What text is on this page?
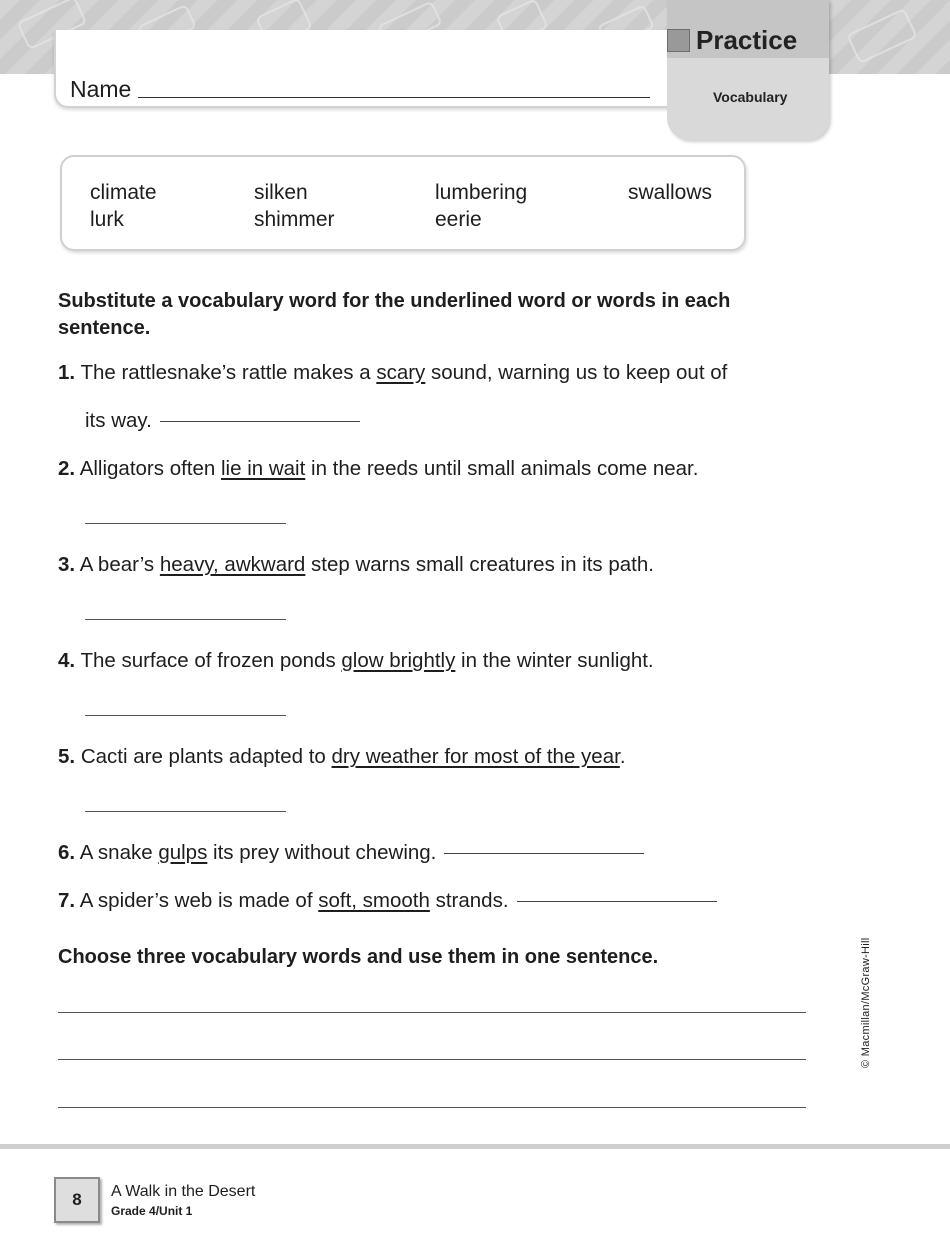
Name
Practice
Vocabulary
climate	silken	lumbering	swallows
lurk	shimmer	eerie

Substitute a vocabulary word for the underlined word or words in each sentence.

1. The rattlesnake’s rattle makes a scary sound, warning us to keep out of
its way.
2. Alligators often lie in wait in the reeds until small animals come near.
3. A bear’s heavy, awkward step warns small creatures in its path.
4. The surface of frozen ponds glow brightly in the winter sunlight.
5. Cacti are plants adapted to dry weather for most of the year.
6. A snake gulps its prey without chewing.
7. A spider’s web is made of soft, smooth strands.

Choose three vocabulary words and use them in one sentence.	© Macmillan/McGraw-Hill
8	A Walk in the Desert
Grade 4/Unit 1
